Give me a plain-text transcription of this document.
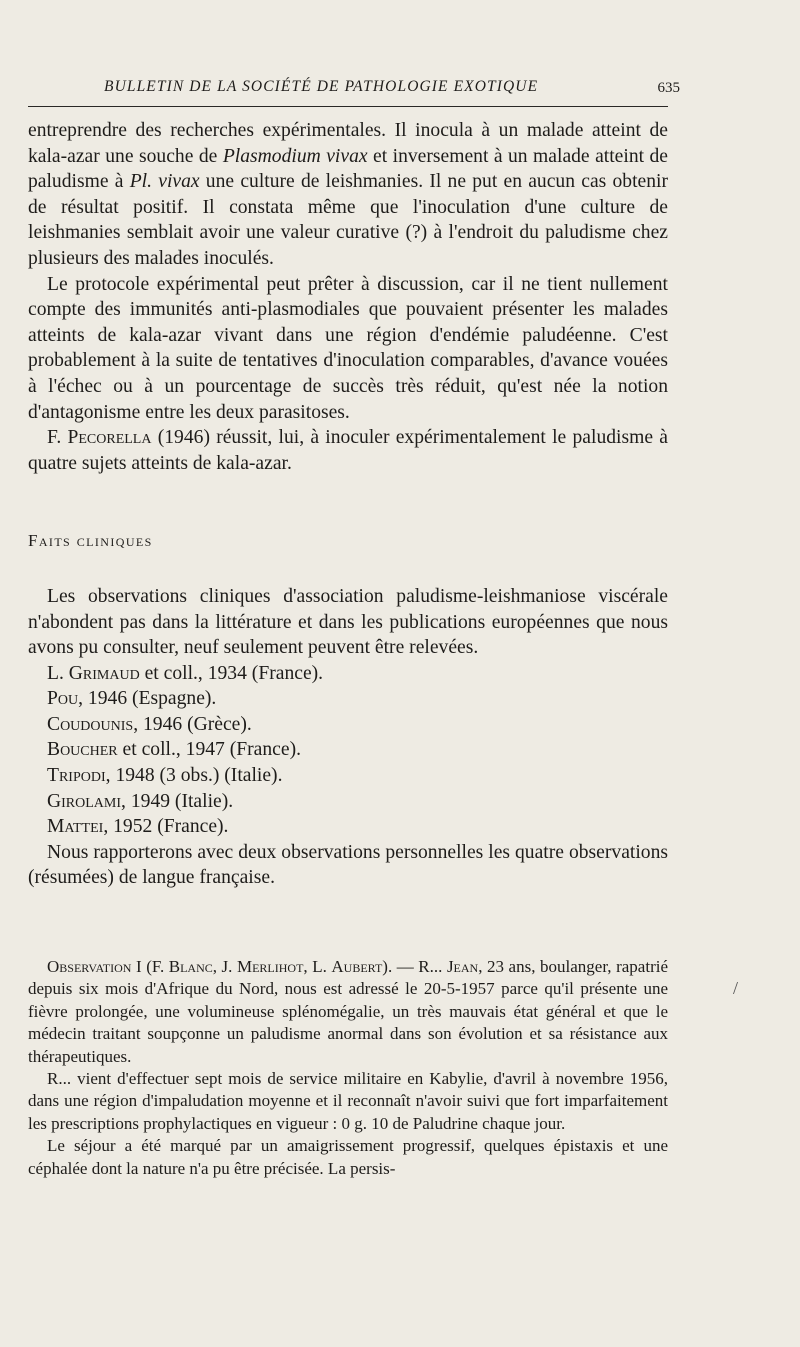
BULLETIN DE LA SOCIÉTÉ DE PATHOLOGIE EXOTIQUE	635

entreprendre des recherches expérimentales. Il inocula à un malade atteint de kala-azar une souche de Plasmodium vivax et inversement à un malade atteint de paludisme à Pl. vivax une culture de leishmanies. Il ne put en aucun cas obtenir de résultat positif. Il constata même que l'inoculation d'une culture de leishmanies semblait avoir une valeur curative (?) à l'endroit du paludisme chez plusieurs des malades inoculés.

Le protocole expérimental peut prêter à discussion, car il ne tient nullement compte des immunités anti-plasmodiales que pouvaient présenter les malades atteints de kala-azar vivant dans une région d'endémie paludéenne. C'est probablement à la suite de tentatives d'inoculation comparables, d'avance vouées à l'échec ou à un pourcentage de succès très réduit, qu'est née la notion d'antagonisme entre les deux parasitoses.

F. Pecorella (1946) réussit, lui, à inoculer expérimentalement le paludisme à quatre sujets atteints de kala-azar.

Faits cliniques

Les observations cliniques d'association paludisme-leishmaniose viscérale n'abondent pas dans la littérature et dans les publications européennes que nous avons pu consulter, neuf seulement peuvent être relevées.

L. Grimaud et coll., 1934 (France).

Pou, 1946 (Espagne).

Coudounis, 1946 (Grèce).

Boucher et coll., 1947 (France).

Tripodi, 1948 (3 obs.) (Italie).

Girolami, 1949 (Italie).

Mattei, 1952 (France).

Nous rapporterons avec deux observations personnelles les quatre observations (résumées) de langue française.

Observation I (F. Blanc, J. Merlihot, L. Aubert). — R... Jean, 23 ans, boulanger, rapatrié depuis six mois d'Afrique du Nord, nous est adressé le 20-5-1957 parce qu'il présente une fièvre prolongée, une volumineuse splénomégalie, un très mauvais état général et que le médecin traitant soupçonne un paludisme anormal dans son évolution et sa résistance aux thérapeutiques.

R... vient d'effectuer sept mois de service militaire en Kabylie, d'avril à novembre 1956, dans une région d'impaludation moyenne et il reconnaît n'avoir suivi que fort imparfaitement les prescriptions prophylactiques en vigueur : 0 g. 10 de Paludrine chaque jour.

Le séjour a été marqué par un amaigrissement progressif, quelques épistaxis et une céphalée dont la nature n'a pu être précisée. La persis-

/
